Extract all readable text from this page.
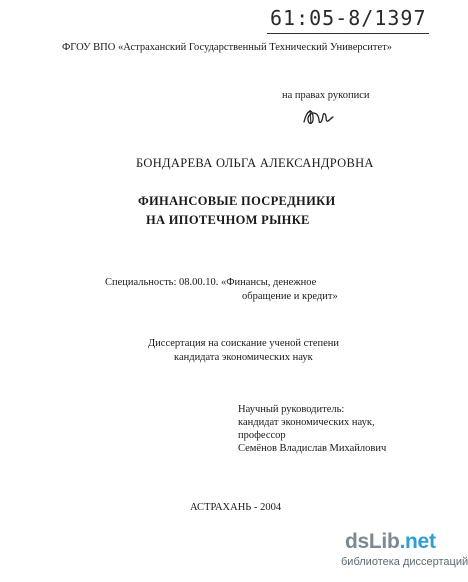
61:05-8/1397
ФГОУ ВПО «Астраханский Государственный Технический Университет»
на правах рукописи
БОНДАРЕВА ОЛЬГА АЛЕКСАНДРОВНА
ФИНАНСОВЫЕ ПОСРЕДНИКИ
НА ИПОТЕЧНОМ РЫНКЕ
Специальность: 08.00.10. «Финансы, денежное
обращение и кредит»
Диссертация на соискание ученой степени
кандидата экономических наук
Научный руководитель:
кандидат экономических наук,
профессор
Семёнов Владислав Михайлович
АСТРАХАНЬ - 2004
dsLib.net
библиотека диссертаций
